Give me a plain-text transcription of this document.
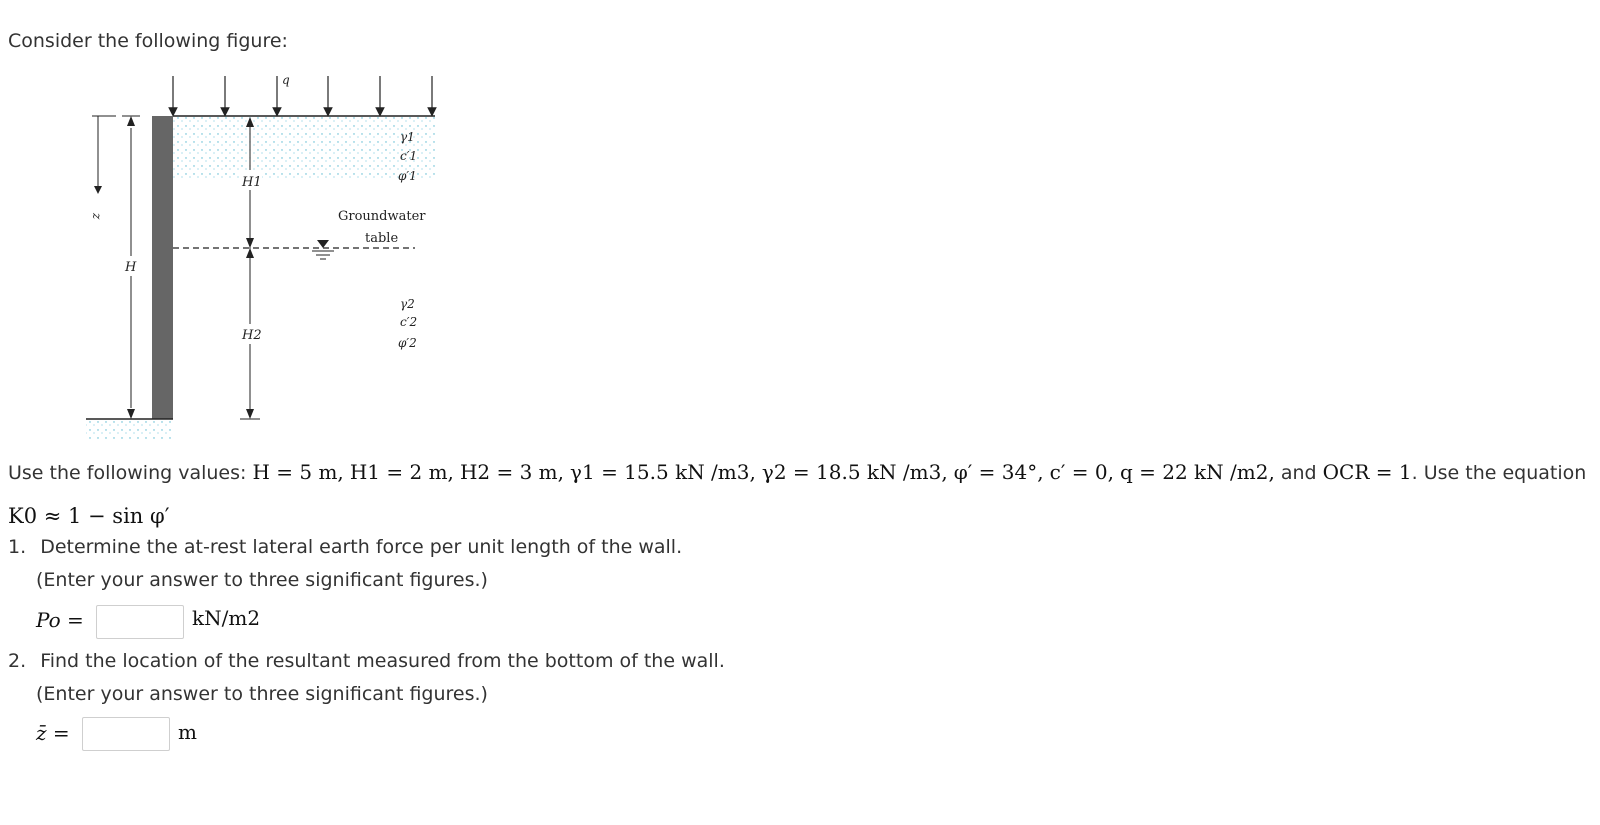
Consider the following figure:
q
z
H
H1
H2
Groundwater
table
γ1
c′1
φ′1
γ2
c′2
φ′2
Use the following values: H = 5 m, H1 = 2 m, H2 = 3 m, γ1 = 15.5 kN /m3, γ2 = 18.5 kN /m3, φ′ = 34°, c′ = 0, q = 22 kN /m2, and OCR = 1. Use the equation
K0 ≈ 1 − sin φ′
1. Determine the at-rest lateral earth force per unit length of the wall.
(Enter your answer to three significant figures.)
Po =	kN/m2
2. Find the location of the resultant measured from the bottom of the wall.
(Enter your answer to three significant figures.)
z̄ =	m
